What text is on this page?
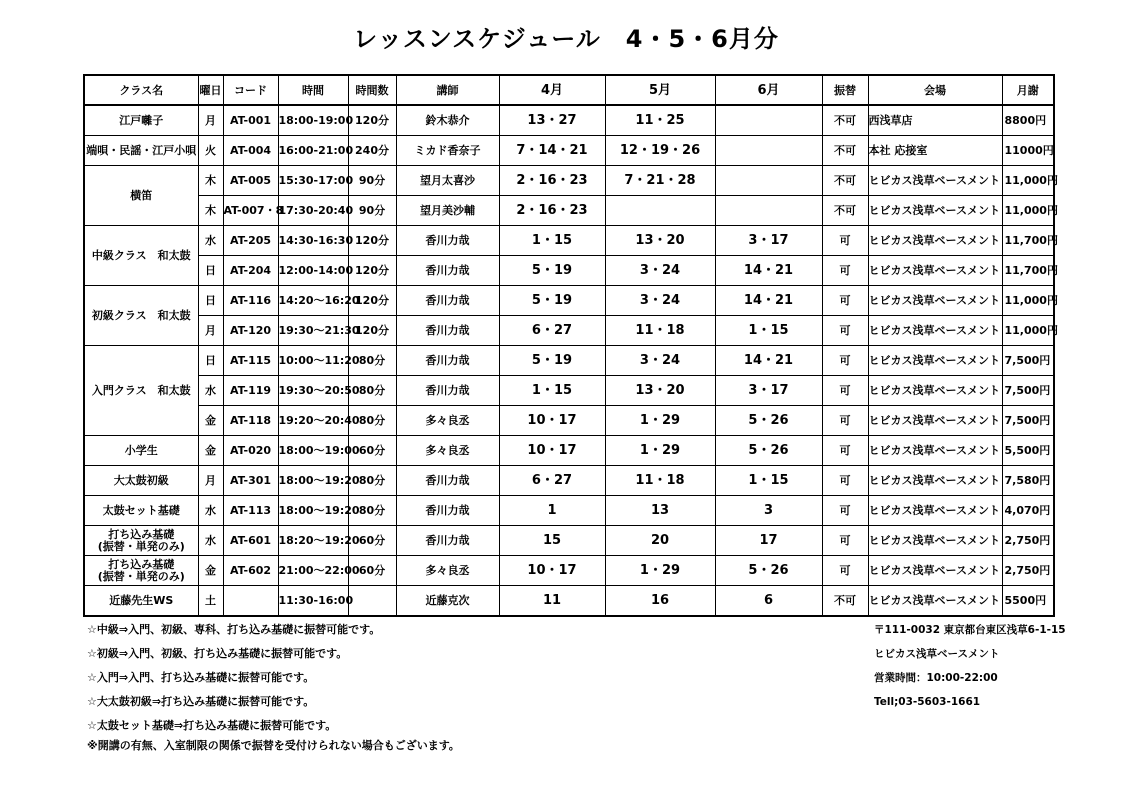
レッスンスケジュール　4・5・6月分
クラス名	曜日	コード	時間	時間数	講師	4月	5月	6月	振替	会場	月謝
江戸囃子	月	AT-001	18:00-19:00	120分	鈴木恭介	13・27	11・25		不可	西浅草店	8800円
端唄・民謡・江戸小唄	火	AT-004	16:00-21:00	240分	ミカド香奈子	7・14・21	12・19・26		不可	本社 応接室	11000円
横笛	木	AT-005	15:30-17:00	90分	望月太喜沙	2・16・23	7・21・28		不可	ヒビカス浅草ベースメント	11,000円
	木	AT-007・8	17:30-20:40	90分	望月美沙輔	2・16・23			不可	ヒビカス浅草ベースメント	11,000円
中級クラス　和太鼓	水	AT-205	14:30-16:30	120分	香川力哉	1・15	13・20	3・17	可	ヒビカス浅草ベースメント	11,700円
	日	AT-204	12:00-14:00	120分	香川力哉	5・19	3・24	14・21	可	ヒビカス浅草ベースメント	11,700円
初級クラス　和太鼓	日	AT-116	14:20～16:20	120分	香川力哉	5・19	3・24	14・21	可	ヒビカス浅草ベースメント	11,000円
	月	AT-120	19:30～21:30	120分	香川力哉	6・27	11・18	1・15	可	ヒビカス浅草ベースメント	11,000円
入門クラス　和太鼓	日	AT-115	10:00～11:20	80分	香川力哉	5・19	3・24	14・21	可	ヒビカス浅草ベースメント	7,500円
	水	AT-119	19:30～20:50	80分	香川力哉	1・15	13・20	3・17	可	ヒビカス浅草ベースメント	7,500円
	金	AT-118	19:20～20:40	80分	多々良丞	10・17	1・29	5・26	可	ヒビカス浅草ベースメント	7,500円
小学生	金	AT-020	18:00～19:00	60分	多々良丞	10・17	1・29	5・26	可	ヒビカス浅草ベースメント	5,500円
大太鼓初級	月	AT-301	18:00～19:20	80分	香川力哉	6・27	11・18	1・15	可	ヒビカス浅草ベースメント	7,580円
太鼓セット基礎	水	AT-113	18:00～19:20	80分	香川力哉	1	13	3	可	ヒビカス浅草ベースメント	4,070円
打ち込み基礎
(振替・単発のみ)	水	AT-601	18:20～19:20	60分	香川力哉	15	20	17	可	ヒビカス浅草ベースメント	2,750円
打ち込み基礎
(振替・単発のみ)	金	AT-602	21:00～22:00	60分	多々良丞	10・17	1・29	5・26	可	ヒビカス浅草ベースメント	2,750円
近藤先生WS	土		11:30-16:00		近藤克次	11	16	6	不可	ヒビカス浅草ベースメント	5500円
☆中級⇒入門、初級、専科、打ち込み基礎に振替可能です。
☆初級⇒入門、初級、打ち込み基礎に振替可能です。
☆入門⇒入門、打ち込み基礎に振替可能です。
☆大太鼓初級⇒打ち込み基礎に振替可能です。
☆太鼓セット基礎⇒打ち込み基礎に振替可能です。
※開講の有無、入室制限の関係で振替を受付けられない場合もございます。
〒111-0032 東京都台東区浅草6-1-15
ヒビカス浅草ベースメント
営業時間：10:00-22:00
Tell;03-5603-1661
